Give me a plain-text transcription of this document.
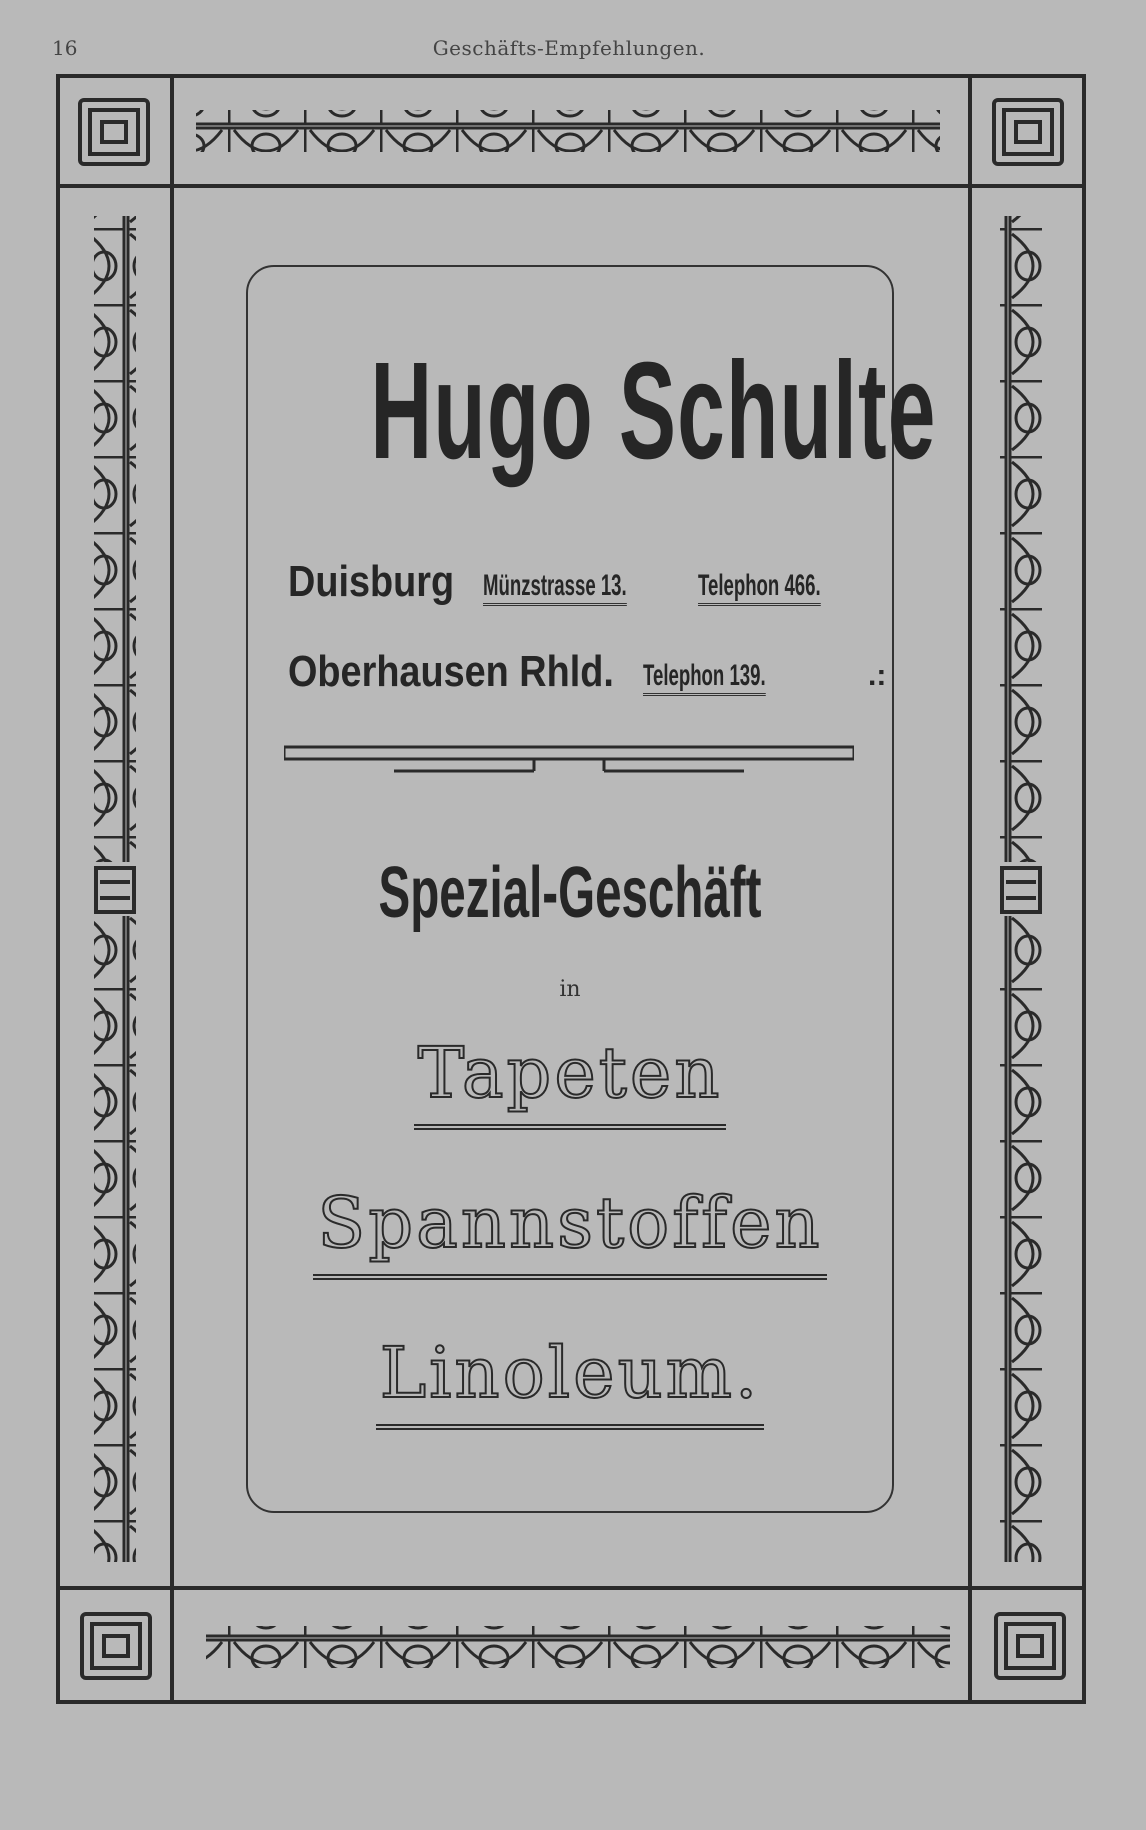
16	Geschäfts-Empfehlungen.
Hugo Schulte
Duisburg Münzstrasse 13. Telephon 466.
Oberhausen Rhld. Telephon 139.	.:
Spezial-Geschäft
in
Tapeten
Spannstoffen
Linoleum.
